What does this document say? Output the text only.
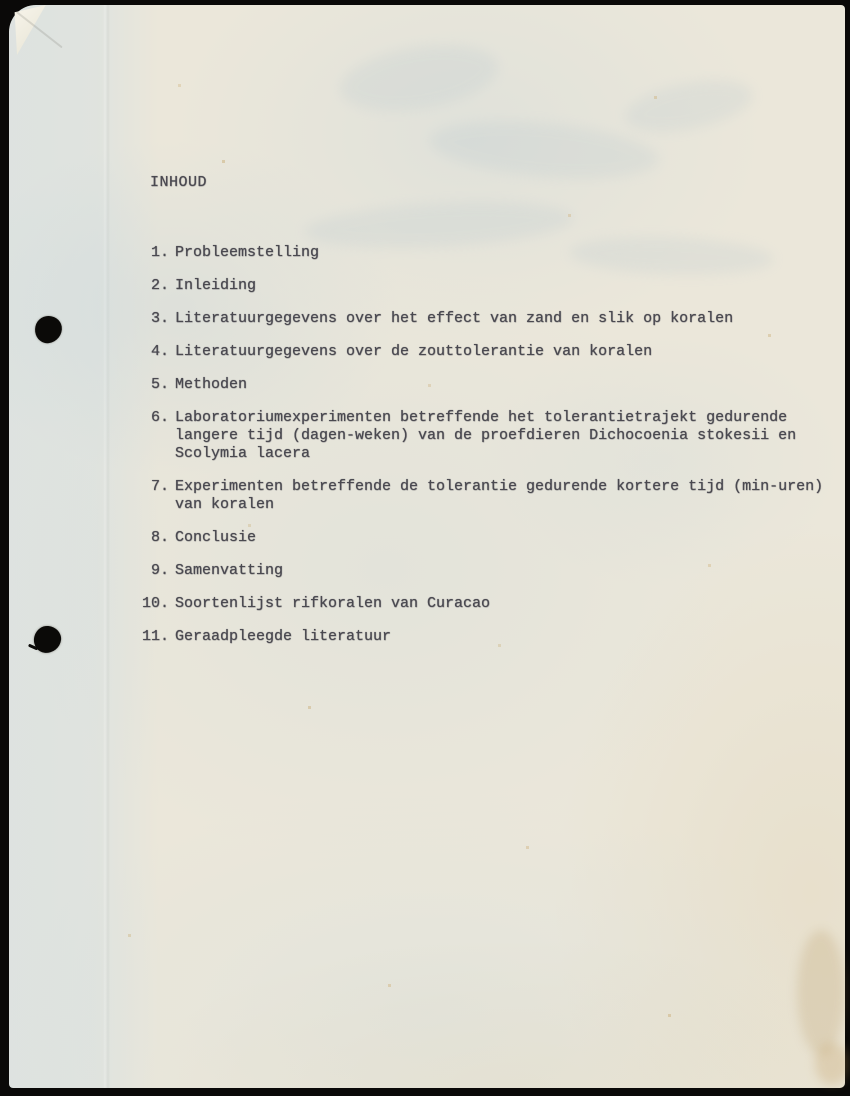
INHOUD
1. Probleemstelling
2. Inleiding
3. Literatuurgegevens over het effect van zand en slik op koralen
4. Literatuurgegevens over de zouttolerantie van koralen
5. Methoden
6. Laboratoriumexperimenten betreffende het tolerantietrajekt gedurende langere tijd (dagen-weken) van de proefdieren Dichocoenia stokesii en Scolymia lacera
7. Experimenten betreffende de tolerantie gedurende kortere tijd (min-uren) van koralen
8. Conclusie
9. Samenvatting
10. Soortenlijst rifkoralen van Curacao
11. Geraadpleegde literatuur
